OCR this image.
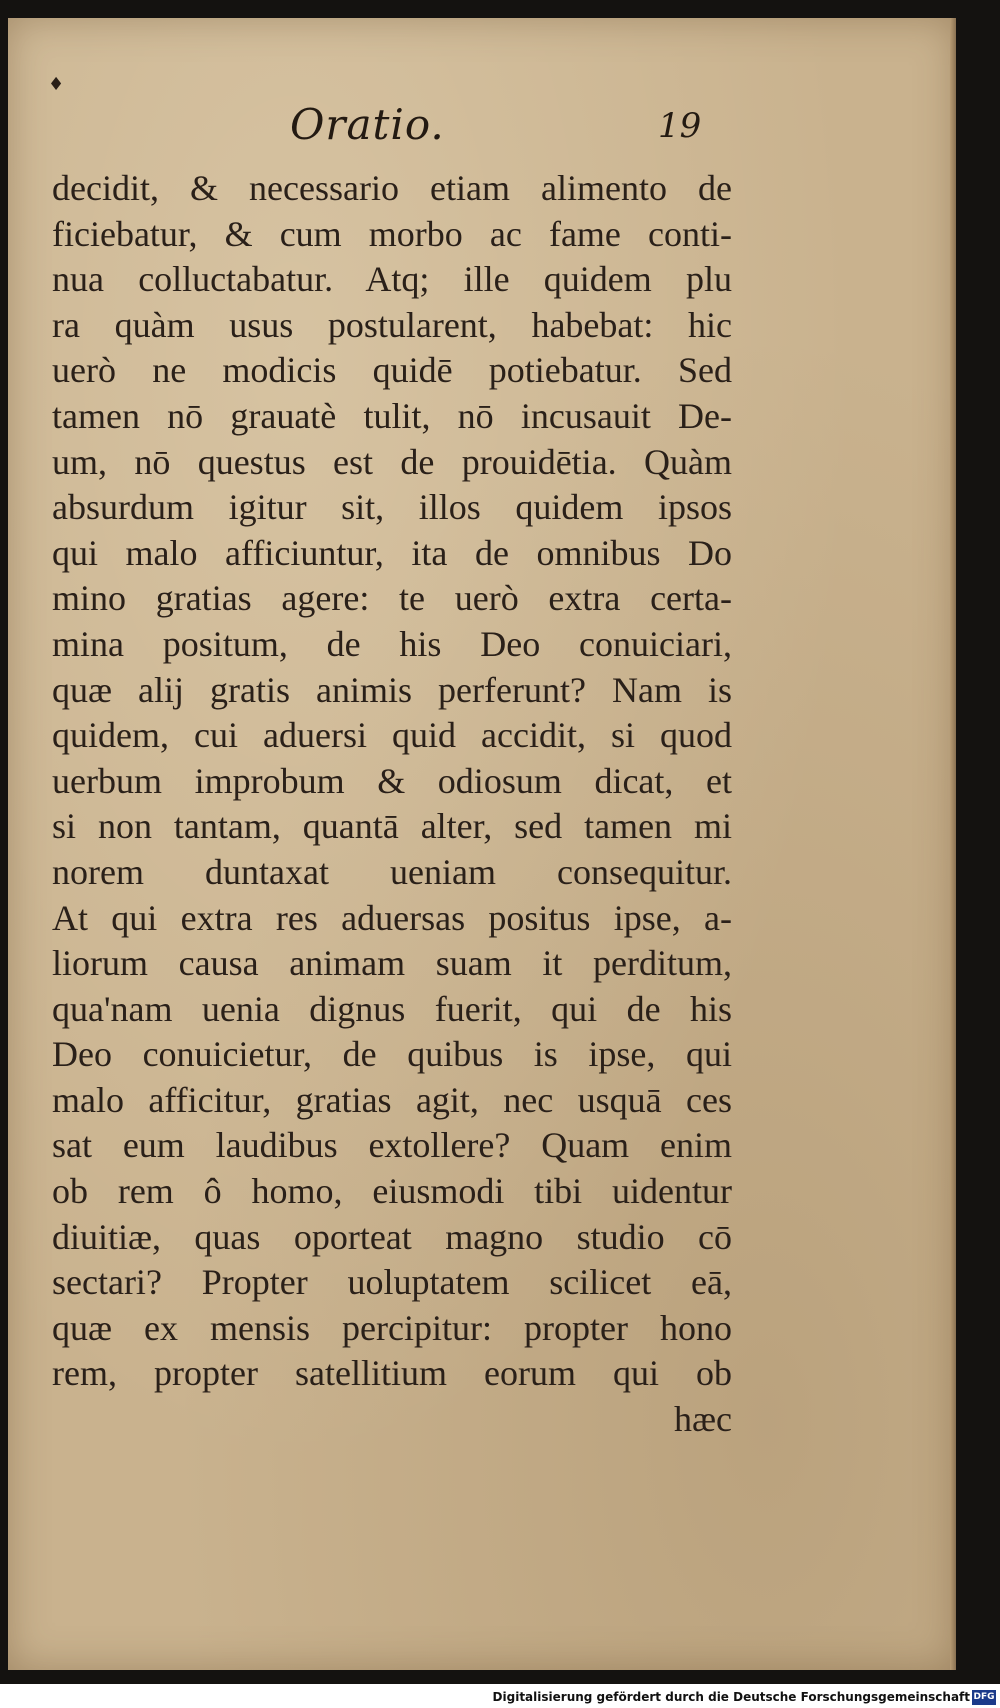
♦
Oratio.	19
decidit, & necessario etiam alimento de
ficiebatur, & cum morbo ac fame conti-
nua colluctabatur. Atq; ille quidem plu
ra quàm usus postularent, habebat: hic
uerò ne modicis quidē potiebatur. Sed
tamen nō grauatè tulit, nō incusauit De-
um, nō questus est de prouidētia. Quàm
absurdum igitur sit, illos quidem ipsos
qui malo afficiuntur, ita de omnibus Do
mino gratias agere: te uerò extra certa-
mina positum, de his Deo conuiciari,
quæ alij gratis animis perferunt? Nam is
quidem, cui aduersi quid accidit, si quod
uerbum improbum & odiosum dicat, et
si non tantam, quantā alter, sed tamen mi
norem duntaxat ueniam consequitur.
At qui extra res aduersas positus ipse, a-
liorum causa animam suam it perditum,
qua'nam uenia dignus fuerit, qui de his
Deo conuicietur, de quibus is ipse, qui
malo afficitur, gratias agit, nec usquā ces
sat eum laudibus extollere? Quam enim
ob rem ô homo, eiusmodi tibi uidentur
diuitiæ, quas oporteat magno studio cō
sectari? Propter uoluptatem scilicet eā,
quæ ex mensis percipitur: propter hono
rem, propter satellitium eorum qui ob
hæc
Digitalisierung gefördert durch die Deutsche Forschungsgemeinschaft DFG
